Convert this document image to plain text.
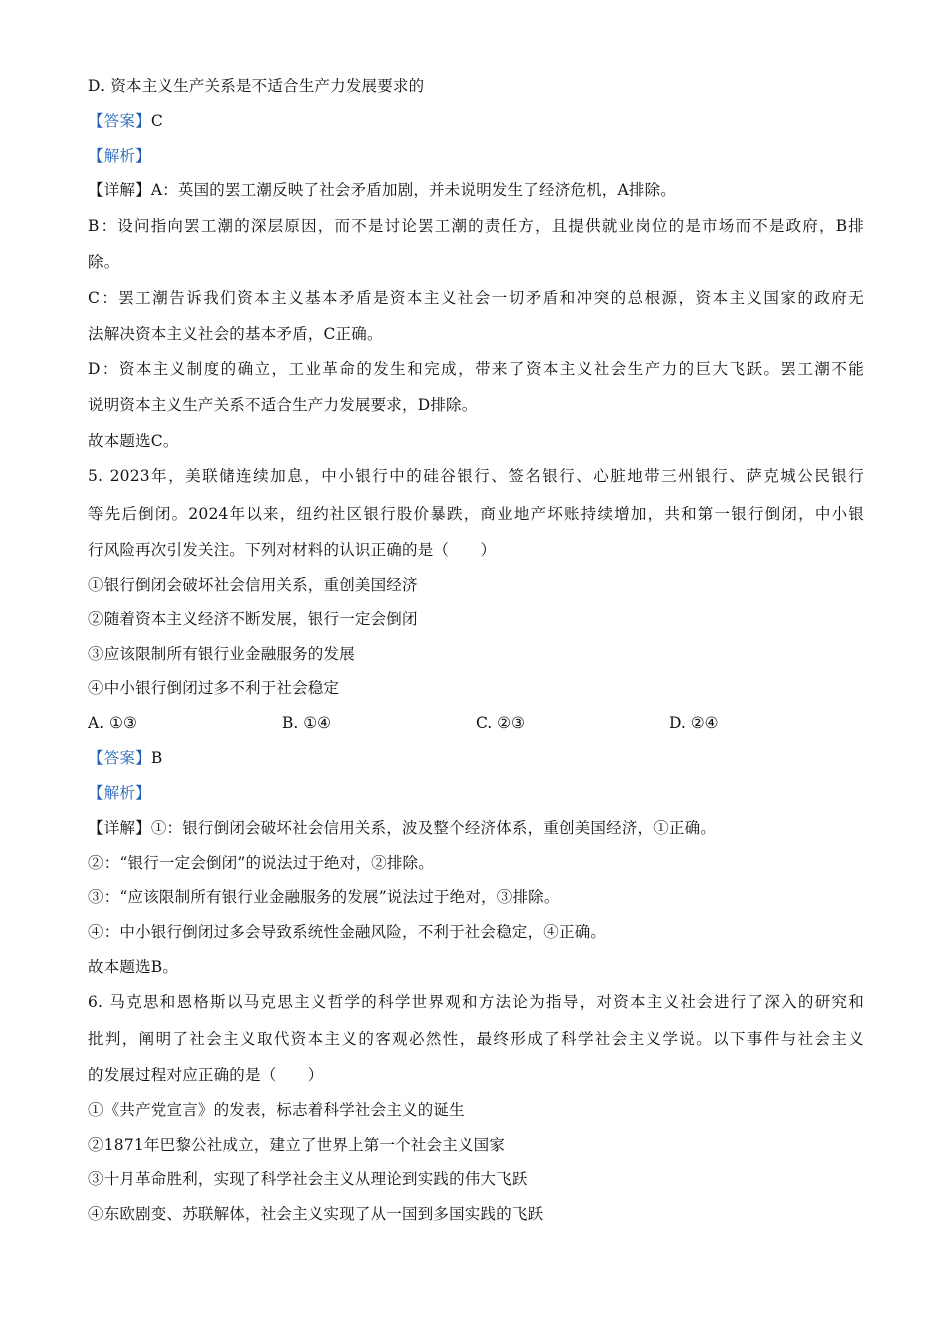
D. 资本主义生产关系是不适合生产力发展要求的
【答案】C
【解析】
【详解】A：英国的罢工潮反映了社会矛盾加剧，并未说明发生了经济危机，A排除。
B：设问指向罢工潮的深层原因，而不是讨论罢工潮的责任方，且提供就业岗位的是市场而不是政府，B排
除。
C：罢工潮告诉我们资本主义基本矛盾是资本主义社会一切矛盾和冲突的总根源，资本主义国家的政府无
法解决资本主义社会的基本矛盾，C正确。
D：资本主义制度的确立，工业革命的发生和完成，带来了资本主义社会生产力的巨大飞跃。罢工潮不能
说明资本主义生产关系不适合生产力发展要求，D排除。
故本题选C。
5. 2023年，美联储连续加息，中小银行中的硅谷银行、签名银行、心脏地带三州银行、萨克城公民银行
等先后倒闭。2024年以来，纽约社区银行股价暴跌，商业地产坏账持续增加，共和第一银行倒闭，中小银
行风险再次引发关注。下列对材料的认识正确的是（　　）
①银行倒闭会破坏社会信用关系，重创美国经济
②随着资本主义经济不断发展，银行一定会倒闭
③应该限制所有银行业金融服务的发展
④中小银行倒闭过多不利于社会稳定
A. ①③	B. ①④	C. ②③	D. ②④
【答案】B
【解析】
【详解】①：银行倒闭会破坏社会信用关系，波及整个经济体系，重创美国经济，①正确。
②：“银行一定会倒闭”的说法过于绝对，②排除。
③：“应该限制所有银行业金融服务的发展”说法过于绝对，③排除。
④：中小银行倒闭过多会导致系统性金融风险，不利于社会稳定，④正确。
故本题选B。
6. 马克思和恩格斯以马克思主义哲学的科学世界观和方法论为指导，对资本主义社会进行了深入的研究和
批判，阐明了社会主义取代资本主义的客观必然性，最终形成了科学社会主义学说。以下事件与社会主义
的发展过程对应正确的是（　　）
①《共产党宣言》的发表，标志着科学社会主义的诞生
②1871年巴黎公社成立，建立了世界上第一个社会主义国家
③十月革命胜利，实现了科学社会主义从理论到实践的伟大飞跃
④东欧剧变、苏联解体，社会主义实现了从一国到多国实践的飞跃
